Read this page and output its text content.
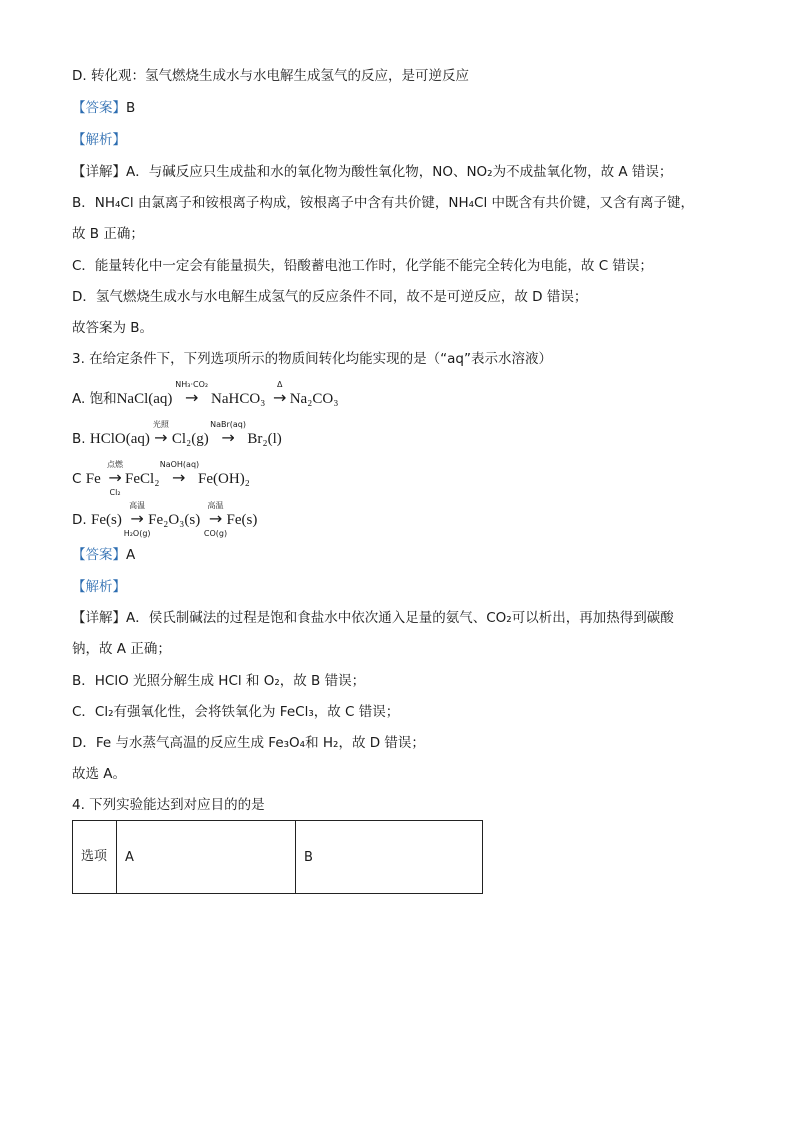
D. 转化观：氢气燃烧生成水与水电解生成氢气的反应，是可逆反应
【答案】B
【解析】
【详解】A．与碱反应只生成盐和水的氧化物为酸性氧化物，NO、NO₂为不成盐氧化物，故 A 错误；
B．NH₄Cl 由氯离子和铵根离子构成，铵根离子中含有共价键，NH₄Cl 中既含有共价键，又含有离子键，
故 B 正确；
C．能量转化中一定会有能量损失，铅酸蓄电池工作时，化学能不能完全转化为电能，故 C 错误；
D．氢气燃烧生成水与水电解生成氢气的反应条件不同，故不是可逆反应，故 D 错误；
故答案为 B。
3. 在给定条件下，下列选项所示的物质间转化均能实现的是（“aq”表示水溶液）
A. 饱和NaCl(aq)
NH₃·CO₂
→ NaHCO₃
Δ
→ Na₂CO₃
B. HClO(aq)
光照
→ Cl₂(g)
NaBr(aq)
→ Br₂(l)
C Fe
点燃
→
Cl₂
FeCl₂
NaOH(aq)
→ Fe(OH)₂
D. Fe(s)
高温
→
H₂O(g)
Fe₂O₃(s)
高温
→
CO(g)
Fe(s)
【答案】A
【解析】
【详解】A．侯氏制碱法的过程是饱和食盐水中依次通入足量的氨气、CO₂可以析出，再加热得到碳酸
钠，故 A 正确；
B．HClO 光照分解生成 HCl 和 O₂，故 B 错误；
C．Cl₂有强氧化性，会将铁氧化为 FeCl₃，故 C 错误；
D．Fe 与水蒸气高温的反应生成 Fe₃O₄和 H₂，故 D 错误；
故选 A。
4. 下列实验能达到对应目的的是
选项	A	B
